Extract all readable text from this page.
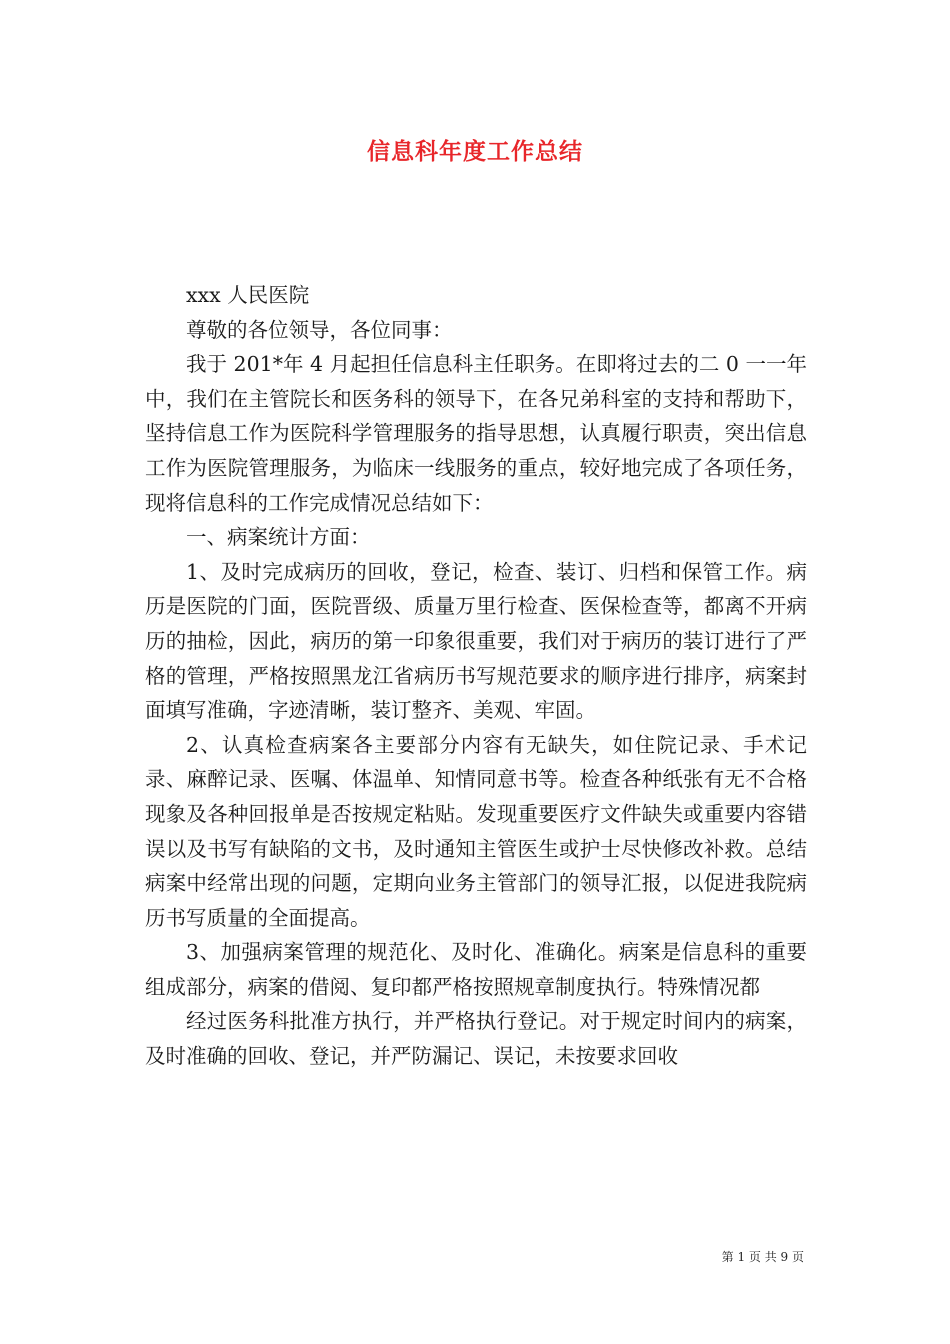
信息科年度工作总结

xxx 人民医院

尊敬的各位领导，各位同事：

我于 201*年 4 月起担任信息科主任职务。在即将过去的二 0 一一年中，我们在主管院长和医务科的领导下，在各兄弟科室的支持和帮助下，坚持信息工作为医院科学管理服务的指导思想，认真履行职责，突出信息工作为医院管理服务，为临床一线服务的重点，较好地完成了各项任务，现将信息科的工作完成情况总结如下：

一、病案统计方面：

1、及时完成病历的回收，登记，检查、装订、归档和保管工作。病历是医院的门面，医院晋级、质量万里行检查、医保检查等，都离不开病历的抽检，因此，病历的第一印象很重要，我们对于病历的装订进行了严格的管理，严格按照黑龙江省病历书写规范要求的顺序进行排序，病案封面填写准确，字迹清晰，装订整齐、美观、牢固。

2、认真检查病案各主要部分内容有无缺失，如住院记录、手术记录、麻醉记录、医嘱、体温单、知情同意书等。检查各种纸张有无不合格现象及各种回报单是否按规定粘贴。发现重要医疗文件缺失或重要内容错误以及书写有缺陷的文书，及时通知主管医生或护士尽快修改补救。总结病案中经常出现的问题，定期向业务主管部门的领导汇报，以促进我院病历书写质量的全面提高。

3、加强病案管理的规范化、及时化、准确化。病案是信息科的重要组成部分，病案的借阅、复印都严格按照规章制度执行。特殊情况都

经过医务科批准方执行，并严格执行登记。对于规定时间内的病案，及时准确的回收、登记，并严防漏记、误记，未按要求回收

第 1 页 共 9 页
